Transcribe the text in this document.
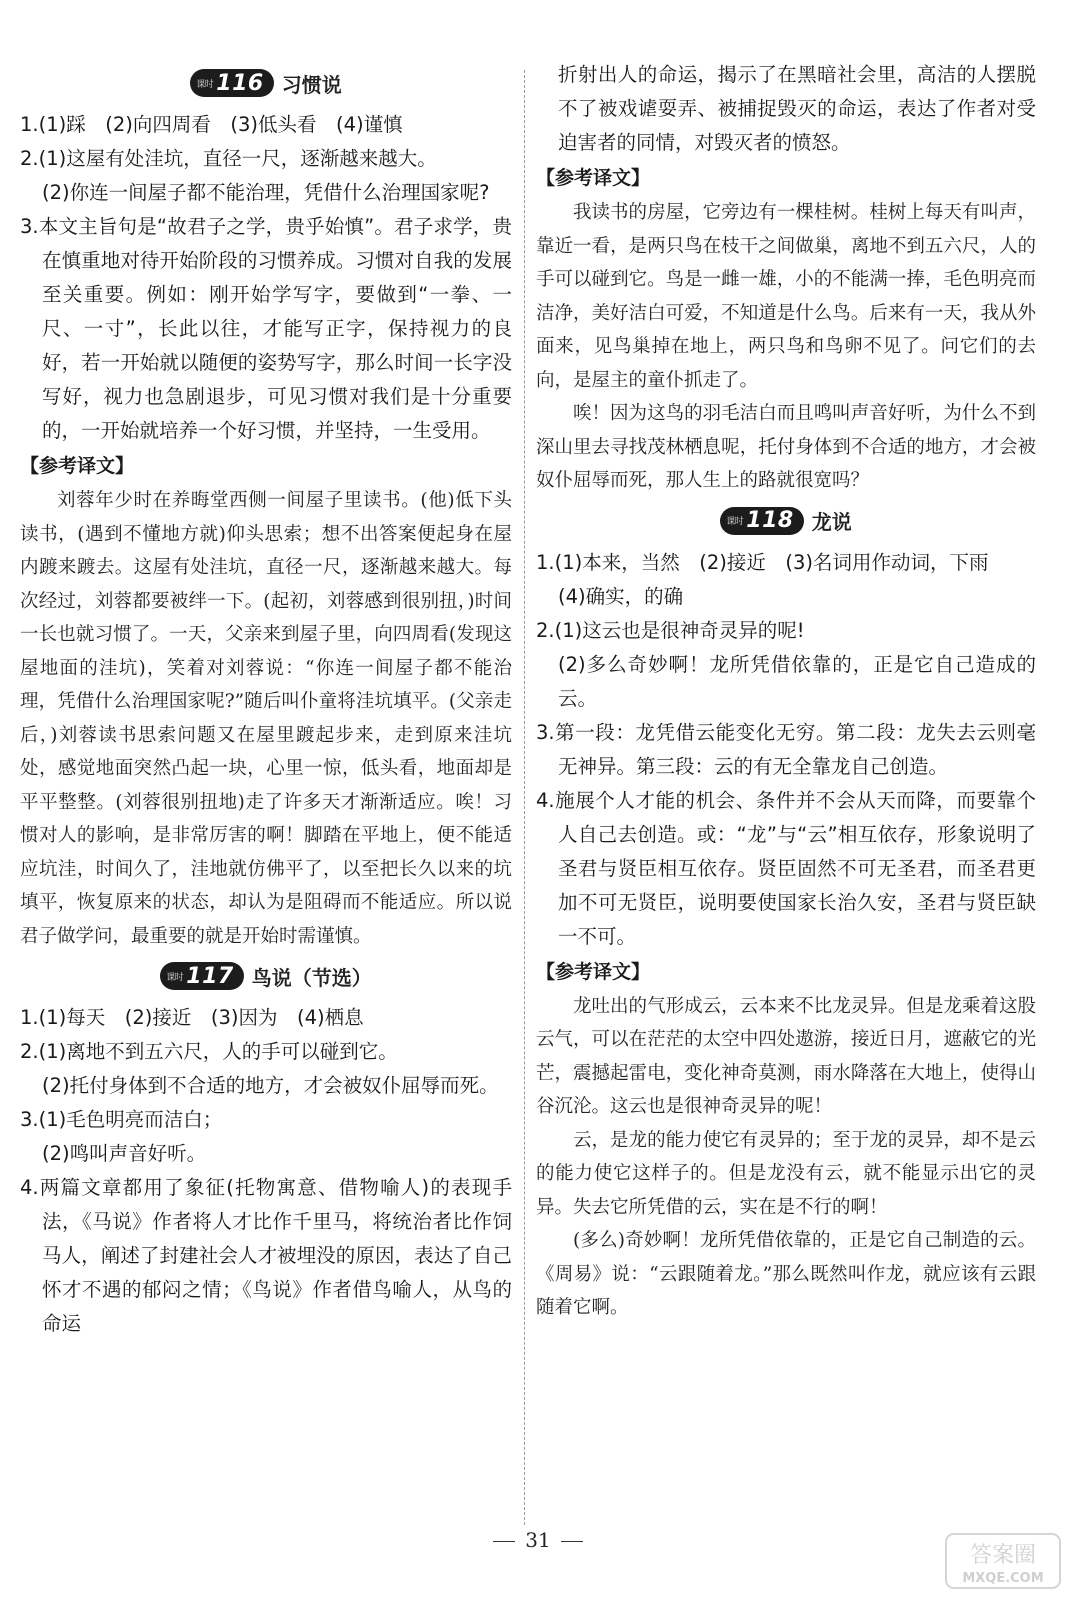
课时 116 习惯说

1.(1)踩　(2)向四周看　(3)低头看　(4)谨慎

2.(1)这屋有处洼坑，直径一尺，逐渐越来越大。

(2)你连一间屋子都不能治理，凭借什么治理国家呢?

3.本文主旨句是“故君子之学，贵乎始慎”。君子求学，贵在慎重地对待开始阶段的习惯养成。习惯对自我的发展至关重要。例如：刚开始学写字，要做到“一拳、一尺、一寸”，长此以往，才能写正字，保持视力的良好，若一开始就以随便的姿势写字，那么时间一长字没写好，视力也急剧退步，可见习惯对我们是十分重要的，一开始就培养一个好习惯，并坚持，一生受用。

【参考译文】

刘蓉年少时在养晦堂西侧一间屋子里读书。(他)低下头读书，(遇到不懂地方就)仰头思索；想不出答案便起身在屋内踱来踱去。这屋有处洼坑，直径一尺，逐渐越来越大。每次经过，刘蓉都要被绊一下。(起初，刘蓉感到很别扭，)时间一长也就习惯了。一天，父亲来到屋子里，向四周看(发现这屋地面的洼坑)，笑着对刘蓉说：“你连一间屋子都不能治理，凭借什么治理国家呢?”随后叫仆童将洼坑填平。(父亲走后，)刘蓉读书思索问题又在屋里踱起步来，走到原来洼坑处，感觉地面突然凸起一块，心里一惊，低头看，地面却是平平整整。(刘蓉很别扭地)走了许多天才渐渐适应。唉！习惯对人的影响，是非常厉害的啊！脚踏在平地上，便不能适应坑洼，时间久了，洼地就仿佛平了，以至把长久以来的坑填平，恢复原来的状态，却认为是阻碍而不能适应。所以说君子做学问，最重要的就是开始时需谨慎。

课时 117 鸟说（节选）

1.(1)每天　(2)接近　(3)因为　(4)栖息

2.(1)离地不到五六尺，人的手可以碰到它。

(2)托付身体到不合适的地方，才会被奴仆屈辱而死。

3.(1)毛色明亮而洁白；

(2)鸣叫声音好听。

4.两篇文章都用了象征(托物寓意、借物喻人)的表现手法，《马说》作者将人才比作千里马，将统治者比作饲马人，阐述了封建社会人才被埋没的原因，表达了自己怀才不遇的郁闷之情；《鸟说》作者借鸟喻人，从鸟的命运

折射出人的命运，揭示了在黑暗社会里，高洁的人摆脱不了被戏谑耍弄、被捕捉毁灭的命运，表达了作者对受迫害者的同情，对毁灭者的愤怒。

【参考译文】

我读书的房屋，它旁边有一棵桂树。桂树上每天有叫声，靠近一看，是两只鸟在枝干之间做巢，离地不到五六尺，人的手可以碰到它。鸟是一雌一雄，小的不能满一捧，毛色明亮而洁净，美好洁白可爱，不知道是什么鸟。后来有一天，我从外面来，见鸟巢掉在地上，两只鸟和鸟卵不见了。问它们的去向，是屋主的童仆抓走了。

唉！因为这鸟的羽毛洁白而且鸣叫声音好听，为什么不到深山里去寻找茂林栖息呢，托付身体到不合适的地方，才会被奴仆屈辱而死，那人生上的路就很宽吗？

课时 118 龙说

1.(1)本来，当然　(2)接近　(3)名词用作动词，下雨

(4)确实，的确

2.(1)这云也是很神奇灵异的呢!

(2)多么奇妙啊！龙所凭借依靠的，正是它自己造成的云。

3.第一段：龙凭借云能变化无穷。第二段：龙失去云则毫无神异。第三段：云的有无全靠龙自己创造。

4.施展个人才能的机会、条件并不会从天而降，而要靠个人自己去创造。或：“龙”与“云”相互依存，形象说明了圣君与贤臣相互依存。贤臣固然不可无圣君，而圣君更加不可无贤臣，说明要使国家长治久安，圣君与贤臣缺一不可。

【参考译文】

龙吐出的气形成云，云本来不比龙灵异。但是龙乘着这股云气，可以在茫茫的太空中四处遨游，接近日月，遮蔽它的光芒，震撼起雷电，变化神奇莫测，雨水降落在大地上，使得山谷沉沦。这云也是很神奇灵异的呢！

云，是龙的能力使它有灵异的；至于龙的灵异，却不是云的能力使它这样子的。但是龙没有云，就不能显示出它的灵异。失去它所凭借的云，实在是不行的啊！

(多么)奇妙啊！龙所凭借依靠的，正是它自己制造的云。《周易》说：“云跟随着龙。”那么既然叫作龙，就应该有云跟随着它啊。

31
答案圈
MXQE.COM
